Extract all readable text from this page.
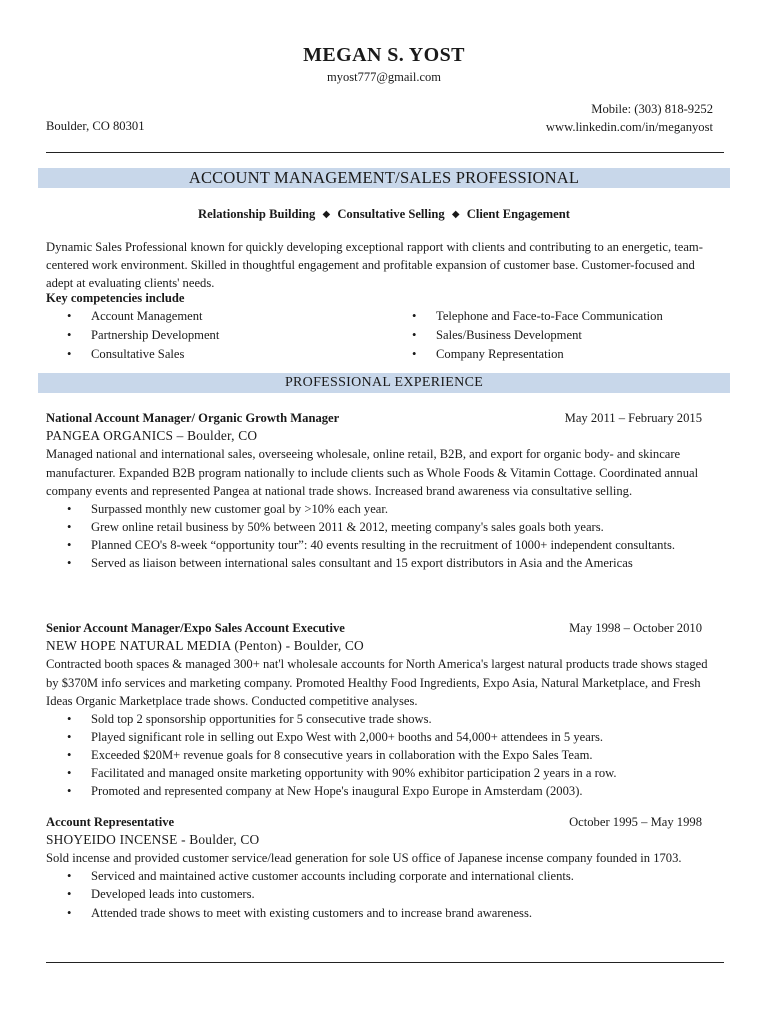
MEGAN S. YOST
myost777@gmail.com
Boulder, CO 80301
Mobile: (303) 818-9252
www.linkedin.com/in/meganyost
ACCOUNT MANAGEMENT/SALES PROFESSIONAL
Relationship Building ◆ Consultative Selling ◆ Client Engagement

Dynamic Sales Professional known for quickly developing exceptional rapport with clients and contributing to an energetic, team-centered work environment. Skilled in thoughtful engagement and profitable expansion of customer base. Customer-focused and adept at evaluating clients' needs.

Key competencies include

• Account Management
• Partnership Development
• Consultative Sales
• Telephone and Face-to-Face Communication
• Sales/Business Development
• Company Representation
PROFESSIONAL EXPERIENCE
National Account Manager/ Organic Growth Manager	May 2011 – February 2015
PANGEA ORGANICS – Boulder, CO

Managed national and international sales, overseeing wholesale, online retail, B2B, and export for organic body- and skincare manufacturer. Expanded B2B program nationally to include clients such as Whole Foods & Vitamin Cottage. Coordinated annual company events and represented Pangea at national trade shows. Increased brand awareness via consultative selling.

• Surpassed monthly new customer goal by >10% each year.
• Grew online retail business by 50% between 2011 & 2012, meeting company's sales goals both years.
• Planned CEO's 8-week “opportunity tour”: 40 events resulting in the recruitment of 1000+ independent consultants.
• Served as liaison between international sales consultant and 15 export distributors in Asia and the Americas
Senior Account Manager/Expo Sales Account Executive	May 1998 – October 2010
NEW HOPE NATURAL MEDIA (Penton) - Boulder, CO

Contracted booth spaces & managed 300+ nat'l wholesale accounts for North America's largest natural products trade shows staged by $370M info services and marketing company. Promoted Healthy Food Ingredients, Expo Asia, Natural Marketplace, and Fresh Ideas Organic Marketplace trade shows. Conducted competitive analyses.

• Sold top 2 sponsorship opportunities for 5 consecutive trade shows.
• Played significant role in selling out Expo West with 2,000+ booths and 54,000+ attendees in 5 years.
• Exceeded $20M+ revenue goals for 8 consecutive years in collaboration with the Expo Sales Team.
• Facilitated and managed onsite marketing opportunity with 90% exhibitor participation 2 years in a row.
• Promoted and represented company at New Hope's inaugural Expo Europe in Amsterdam (2003).
Account Representative	October 1995 – May 1998
SHOYEIDO INCENSE - Boulder, CO

Sold incense and provided customer service/lead generation for sole US office of Japanese incense company founded in 1703.

• Serviced and maintained active customer accounts including corporate and international clients.
• Developed leads into customers.
• Attended trade shows to meet with existing customers and to increase brand awareness.
